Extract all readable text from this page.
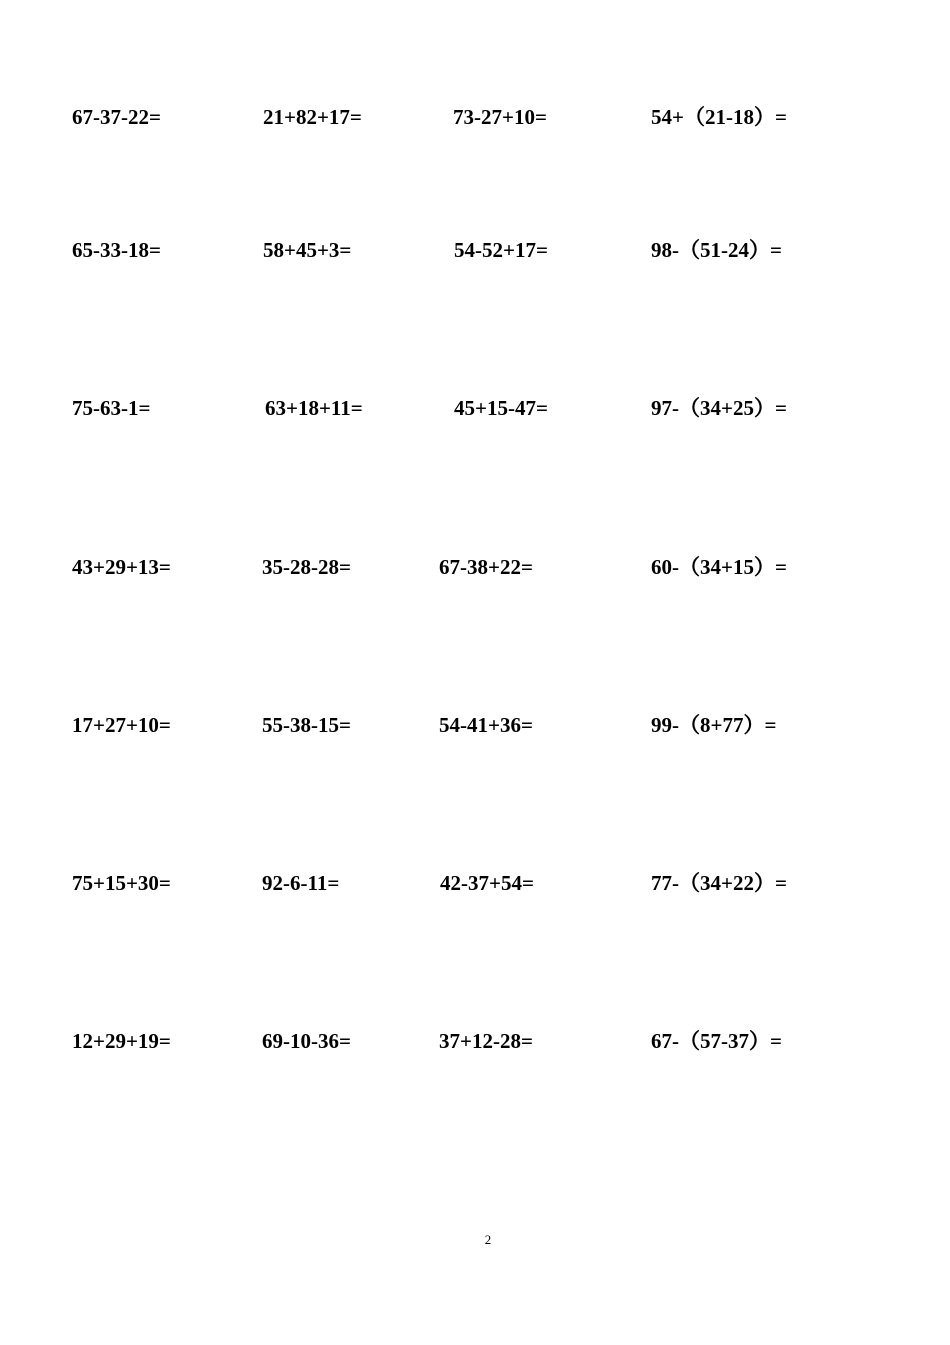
67-37-22=	21+82+17=	73-27+10=	54+（21-18）=
65-33-18=	58+45+3=	54-52+17=	98-（51-24）=
75-63-1=	63+18+11=	45+15-47=	97-（34+25）=
43+29+13=	35-28-28=	67-38+22=	60-（34+15）=
17+27+10=	55-38-15=	54-41+36=	99-（8+77）=
75+15+30=	92-6-11=	42-37+54=	77-（34+22）=
12+29+19=	69-10-36=	37+12-28=	67-（57-37）=
2
